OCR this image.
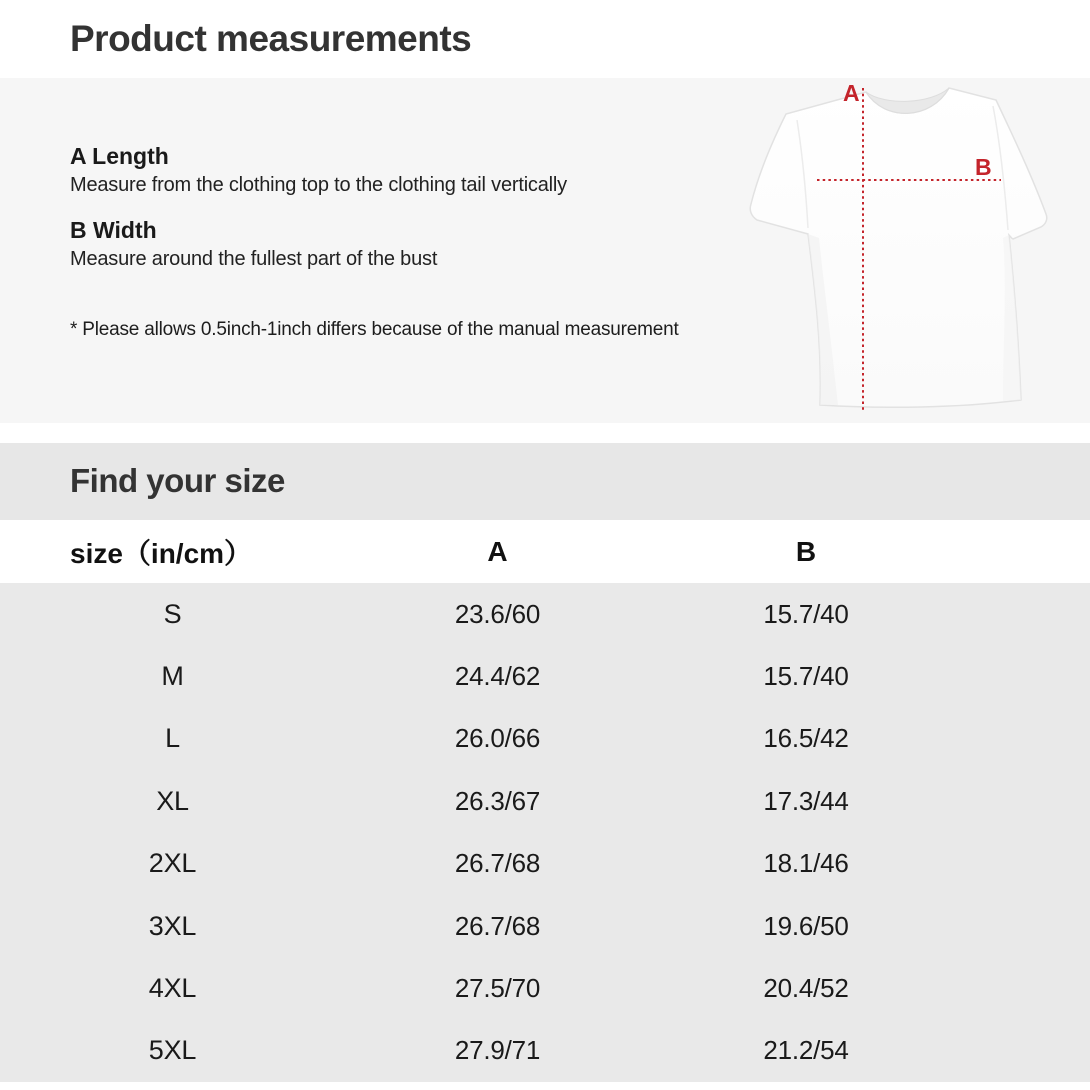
Product measurements
A Length
Measure from the clothing top to the clothing tail vertically
B Width
Measure around the fullest part of the bust
* Please allows 0.5inch-1inch differs because of the manual measurement
A
B
Find your size
size（in/cm）	A	B
S	23.6/60	15.7/40
M	24.4/62	15.7/40
L	26.0/66	16.5/42
XL	26.3/67	17.3/44
2XL	26.7/68	18.1/46
3XL	26.7/68	19.6/50
4XL	27.5/70	20.4/52
5XL	27.9/71	21.2/54
